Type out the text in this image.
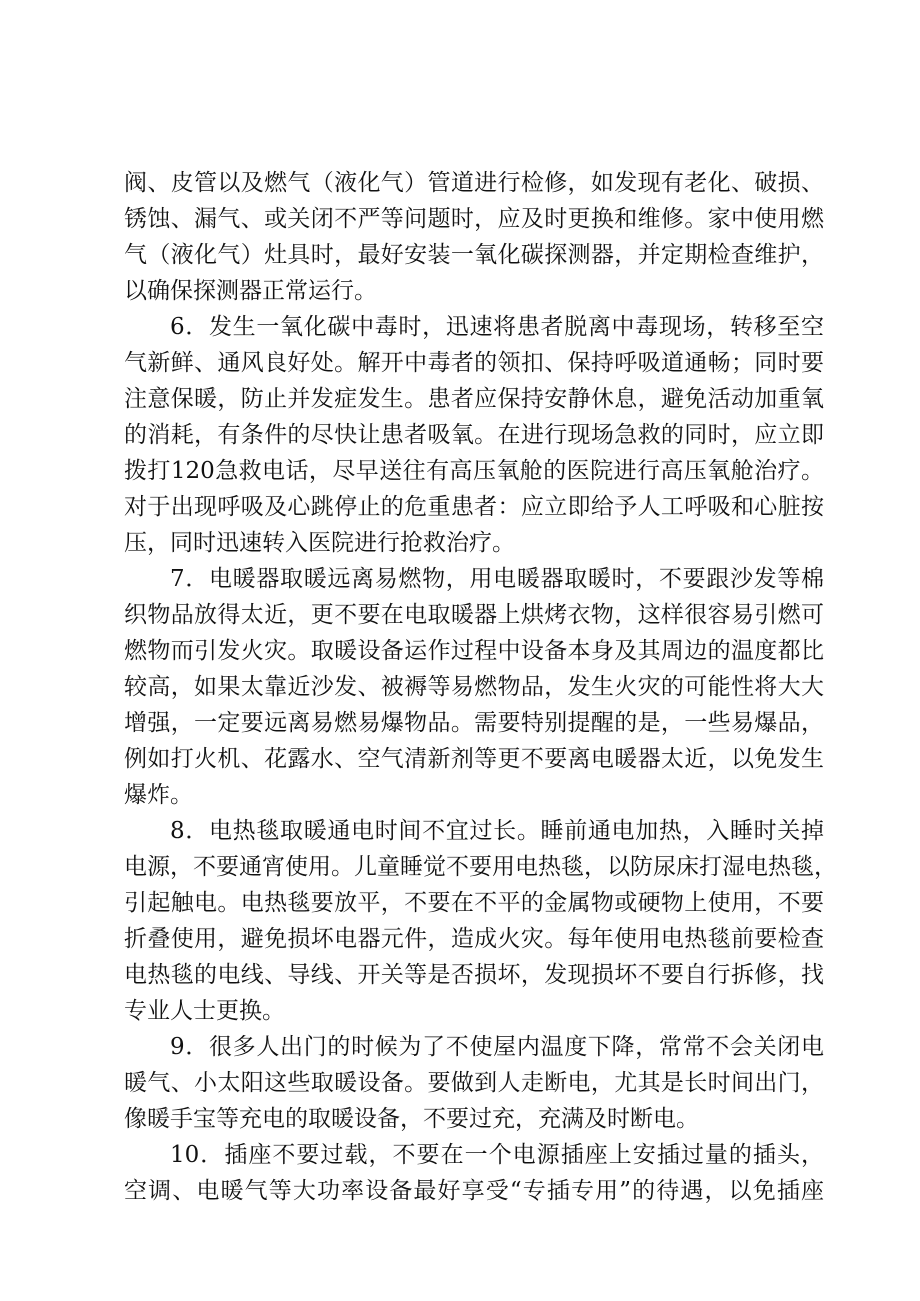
阀、皮管以及燃气（液化气）管道进行检修，如发现有老化、破损、
锈蚀、漏气、或关闭不严等问题时，应及时更换和维修。家中使用燃
气（液化气）灶具时，最好安装一氧化碳探测器，并定期检查维护，
以确保探测器正常运行。
6．发生一氧化碳中毒时，迅速将患者脱离中毒现场，转移至空
气新鲜、通风良好处。解开中毒者的领扣、保持呼吸道通畅；同时要
注意保暖，防止并发症发生。患者应保持安静休息，避免活动加重氧
的消耗，有条件的尽快让患者吸氧。在进行现场急救的同时，应立即
拨打120急救电话，尽早送往有高压氧舱的医院进行高压氧舱治疗。
对于出现呼吸及心跳停止的危重患者：应立即给予人工呼吸和心脏按
压，同时迅速转入医院进行抢救治疗。
7．电暖器取暖远离易燃物，用电暖器取暖时，不要跟沙发等棉
织物品放得太近，更不要在电取暖器上烘烤衣物，这样很容易引燃可
燃物而引发火灾。取暖设备运作过程中设备本身及其周边的温度都比
较高，如果太靠近沙发、被褥等易燃物品，发生火灾的可能性将大大
增强，一定要远离易燃易爆物品。需要特别提醒的是，一些易爆品，
例如打火机、花露水、空气清新剂等更不要离电暖器太近，以免发生
爆炸。
8．电热毯取暖通电时间不宜过长。睡前通电加热，入睡时关掉
电源，不要通宵使用。儿童睡觉不要用电热毯，以防尿床打湿电热毯，
引起触电。电热毯要放平，不要在不平的金属物或硬物上使用，不要
折叠使用，避免损坏电器元件，造成火灾。每年使用电热毯前要检查
电热毯的电线、导线、开关等是否损坏，发现损坏不要自行拆修，找
专业人士更换。
9．很多人出门的时候为了不使屋内温度下降，常常不会关闭电
暖气、小太阳这些取暖设备。要做到人走断电，尤其是长时间出门，
像暖手宝等充电的取暖设备，不要过充，充满及时断电。
10．插座不要过载，不要在一个电源插座上安插过量的插头，
空调、电暖气等大功率设备最好享受“专插专用”的待遇，以免插座
